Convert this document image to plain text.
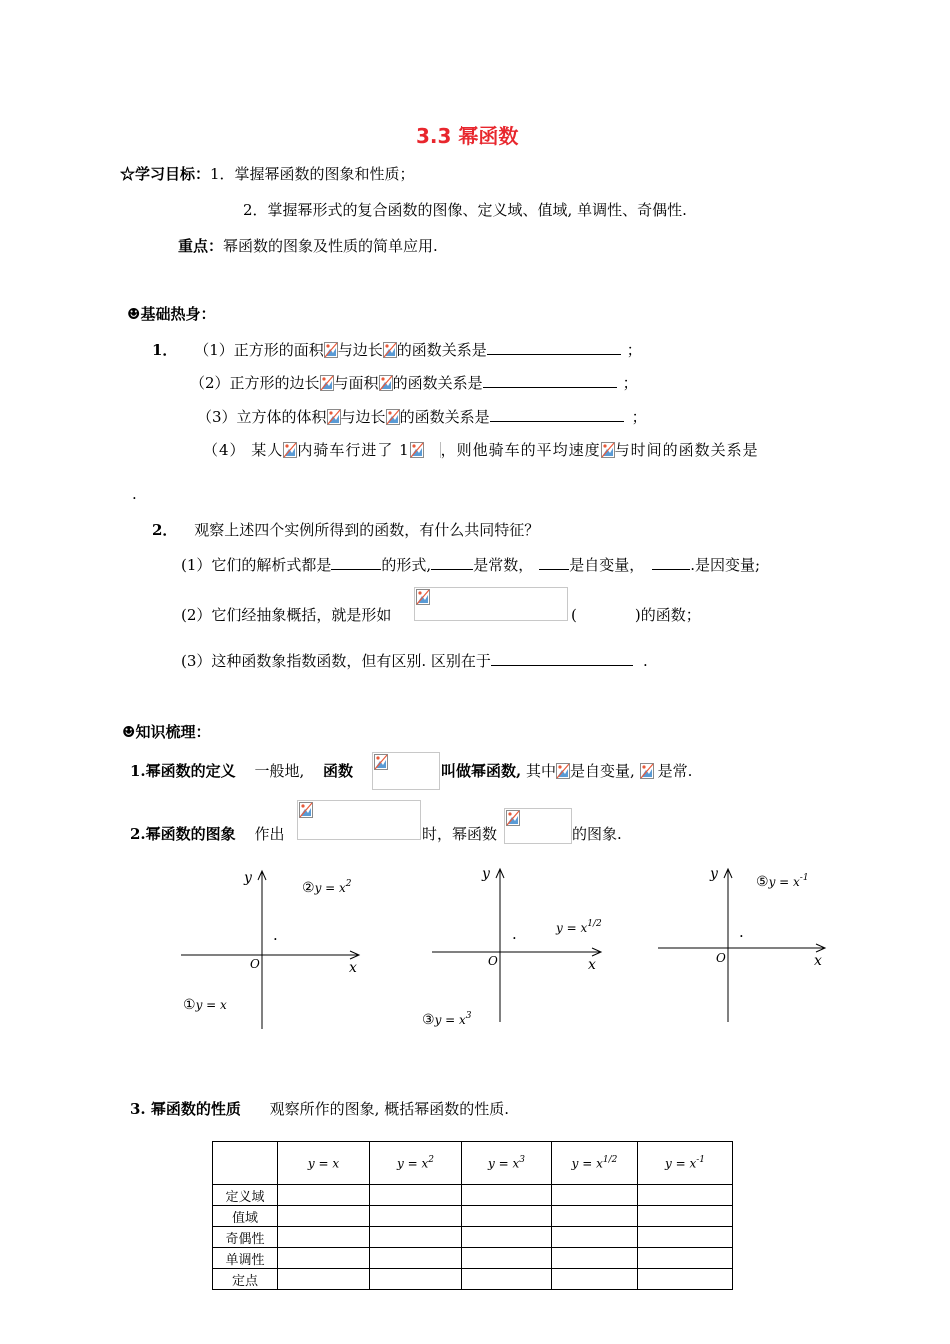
3.3 幂函数
☆学习目标：1．掌握幂函数的图象和性质；
2．掌握幂形式的复合函数的图像、定义域、值域, 单调性、奇偶性.
重点：幂函数的图象及性质的简单应用.
☻基础热身：
1． （1）正方形的面积 与边长 的函数关系是	；
（2）正方形的边长 与面积 的函数关系是	；
（3）立方体的体积 与边长 的函数关系是	；
（4） 某人 内骑车行进了 1 ，则他骑车的平均速度 与时间的函数关系是
.
2． 观察上述四个实例所得到的函数，有什么共同特征？
(1）它们的解析式都是	的形式,	是常数， 是自变量，	.是因变量;
(2）它们经抽象概括，就是形如	(	)的函数；
(3）这种函数象指数函数，但有区别. 区别在于	.
☻知识梳理：
1.幂函数的定义 一般地, 函数	叫做幂函数, 其中 是自变量, 是常.
2.幂函数的图象 作出	时，幂函数	的图象.
y
x
O
·
②y = $x^2$
①y = x
y
x
O
·
$y = x^{1/2}$
③y = $x^3$
y
x
O
·
⑤y = $x^{-1}$
3. 幂函数的性质 观察所作的图象, 概括幂函数的性质.
	y = x	$y = x^2$	$y = x^3$	$y = x^{1/2}$	$y = x^{-1}$
定义域					
值域					
奇偶性					
单调性					
定点					
